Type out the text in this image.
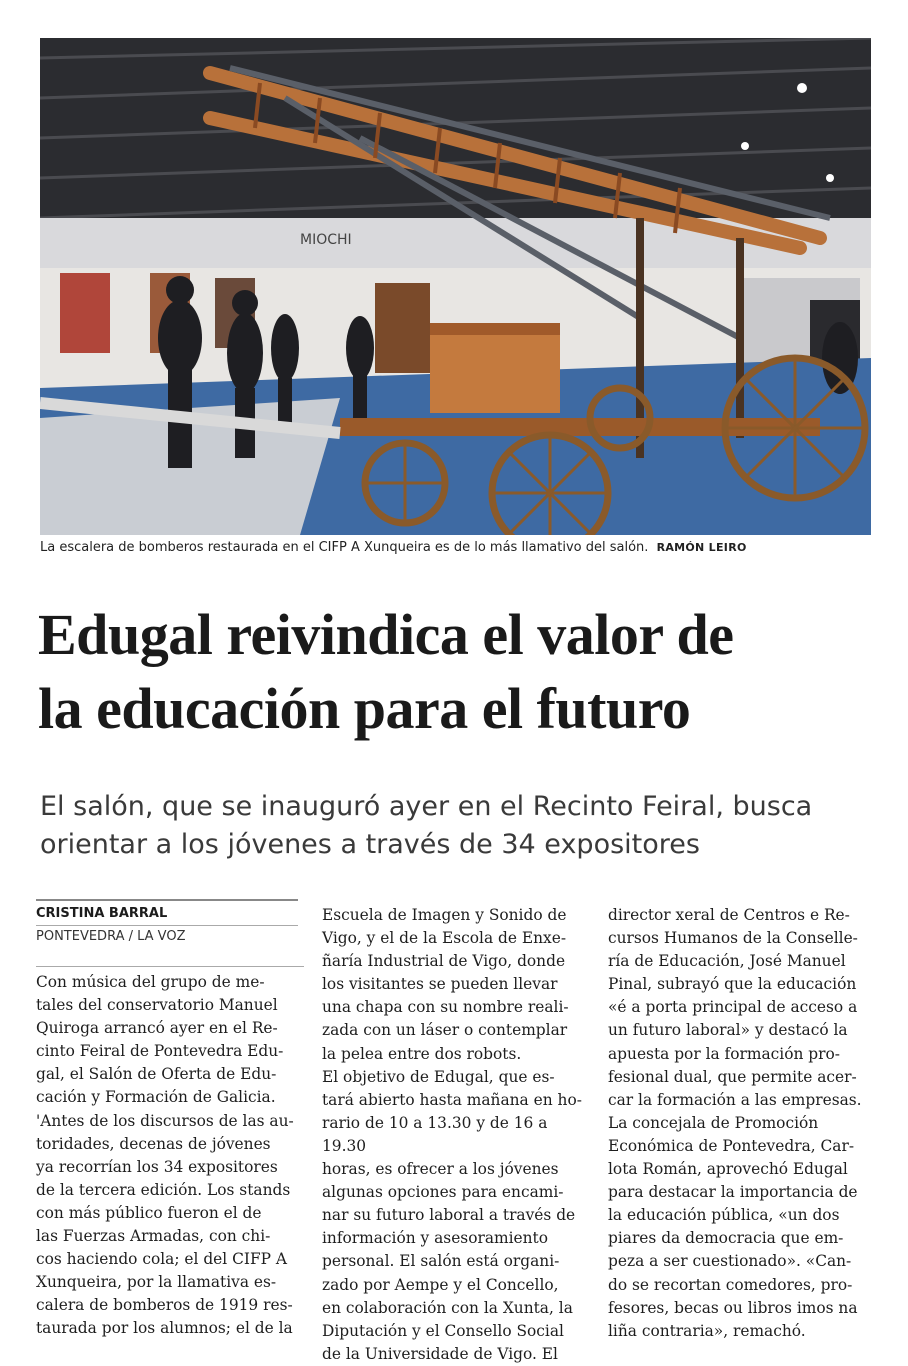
MIOCHI
La escalera de bomberos restaurada en el CIFP A Xunqueira es de lo más llamativo del salón. RAMÓN LEIRO
Edugal reivindica el valor de
la educación para el futuro
El salón, que se inauguró ayer en el Recinto Feiral, busca
orientar a los jóvenes a través de 34 expositores
CRISTINA BARRAL
PONTEVEDRA / LA VOZ

Con música del grupo de me-
tales del conservatorio Manuel
Quiroga arrancó ayer en el Re-
cinto Feiral de Pontevedra Edu-
gal, el Salón de Oferta de Edu-
cación y Formación de Galicia.
'Antes de los discursos de las au-
toridades, decenas de jóvenes
ya recorrían los 34 expositores
de la tercera edición. Los stands
con más público fueron el de
las Fuerzas Armadas, con chi-
cos haciendo cola; el del CIFP A
Xunqueira, por la llamativa es-
calera de bomberos de 1919 res-
taurada por los alumnos; el de la

Escuela de Imagen y Sonido de
Vigo, y el de la Escola de Enxe-
ñaría Industrial de Vigo, donde
los visitantes se pueden llevar
una chapa con su nombre reali-
zada con un láser o contemplar
la pelea entre dos robots.

El objetivo de Edugal, que es-
tará abierto hasta mañana en ho-
rario de 10 a 13.30 y de 16 a 19.30
horas, es ofrecer a los jóvenes
algunas opciones para encami-
nar su futuro laboral a través de
información y asesoramiento
personal. El salón está organi-
zado por Aempe y el Concello,
en colaboración con la Xunta, la
Diputación y el Consello Social
de la Universidade de Vigo. El

director xeral de Centros e Re-
cursos Humanos de la Conselle-
ría de Educación, José Manuel
Pinal, subrayó que la educación
«é a porta principal de acceso a
un futuro laboral» y destacó la
apuesta por la formación pro-
fesional dual, que permite acer-
car la formación a las empresas.

La concejala de Promoción
Económica de Pontevedra, Car-
lota Román, aprovechó Edugal
para destacar la importancia de
la educación pública, «un dos
piares da democracia que em-
peza a ser cuestionado». «Can-
do se recortan comedores, pro-
fesores, becas ou libros imos na
liña contraria», remachó.
